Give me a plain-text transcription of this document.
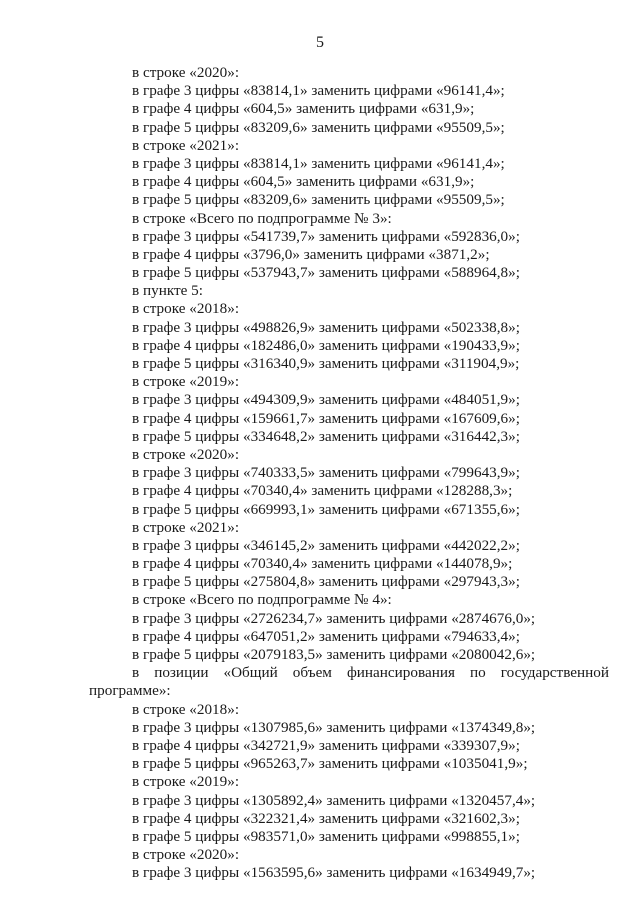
5
в строке «2020»:
в графе 3 цифры «83814,1» заменить цифрами «96141,4»;
в графе 4 цифры «604,5» заменить цифрами «631,9»;
в графе 5 цифры «83209,6» заменить цифрами «95509,5»;
в строке «2021»:
в графе 3 цифры «83814,1» заменить цифрами «96141,4»;
в графе 4 цифры «604,5» заменить цифрами «631,9»;
в графе 5 цифры «83209,6» заменить цифрами «95509,5»;
в строке «Всего по подпрограмме № 3»:
в графе 3 цифры «541739,7» заменить цифрами «592836,0»;
в графе 4 цифры «3796,0» заменить цифрами «3871,2»;
в графе 5 цифры «537943,7» заменить цифрами «588964,8»;
в пункте 5:
в строке «2018»:
в графе 3 цифры «498826,9» заменить цифрами «502338,8»;
в графе 4 цифры «182486,0» заменить цифрами «190433,9»;
в графе 5 цифры «316340,9» заменить цифрами «311904,9»;
в строке «2019»:
в графе 3 цифры «494309,9» заменить цифрами «484051,9»;
в графе 4 цифры «159661,7» заменить цифрами «167609,6»;
в графе 5 цифры «334648,2» заменить цифрами «316442,3»;
в строке «2020»:
в графе 3 цифры «740333,5» заменить цифрами «799643,9»;
в графе 4 цифры «70340,4» заменить цифрами «128288,3»;
в графе 5 цифры «669993,1» заменить цифрами «671355,6»;
в строке «2021»:
в графе 3 цифры «346145,2» заменить цифрами «442022,2»;
в графе 4 цифры «70340,4» заменить цифрами «144078,9»;
в графе 5 цифры «275804,8» заменить цифрами «297943,3»;
в строке «Всего по подпрограмме № 4»:
в графе 3 цифры «2726234,7» заменить цифрами «2874676,0»;
в графе 4 цифры «647051,2» заменить цифрами «794633,4»;
в графе 5 цифры «2079183,5» заменить цифрами «2080042,6»;
в позиции «Общий объем финансирования по государственной
программе»:
в строке «2018»:
в графе 3 цифры «1307985,6» заменить цифрами «1374349,8»;
в графе 4 цифры «342721,9» заменить цифрами «339307,9»;
в графе 5 цифры «965263,7» заменить цифрами «1035041,9»;
в строке «2019»:
в графе 3 цифры «1305892,4» заменить цифрами «1320457,4»;
в графе 4 цифры «322321,4» заменить цифрами «321602,3»;
в графе 5 цифры «983571,0» заменить цифрами «998855,1»;
в строке «2020»:
в графе 3 цифры «1563595,6» заменить цифрами «1634949,7»;
